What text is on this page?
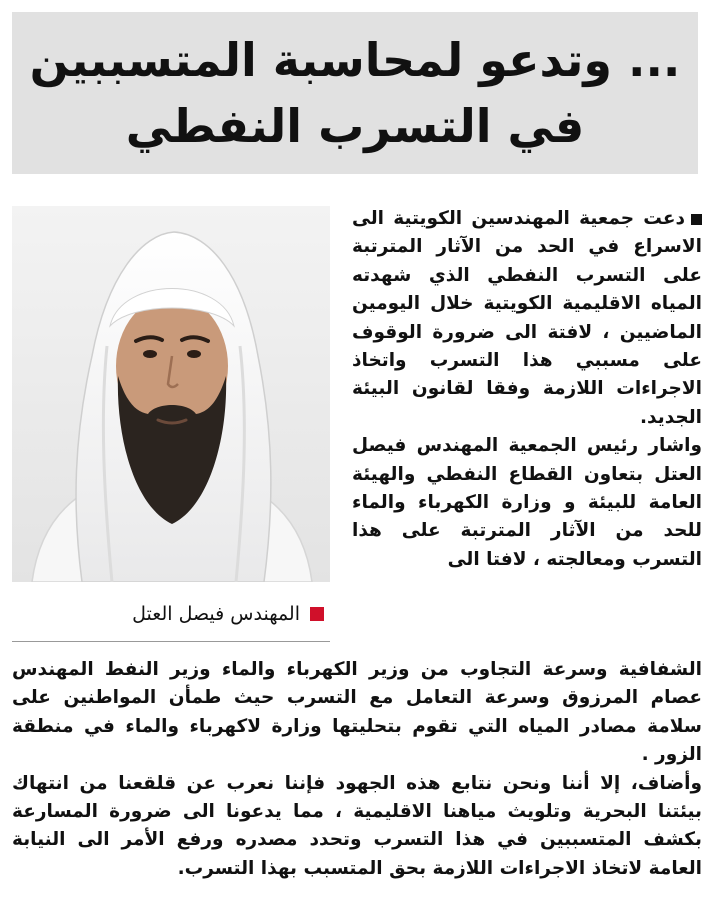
... وتدعو لمحاسبة المتسببين
في التسرب النفطي
المهندس فيصل العتل

دعت جمعية المهندسين الكويتية الى الاسراع في الحد من الآثار المترتبة على التسرب النفطي الذي شهدته المياه الاقليمية الكويتية خلال اليومين الماضيين ، لافتة الى ضرورة الوقوف على مسببي هذا التسرب واتخاذ الاجراءات اللازمة وفقا لقانون البيئة الجديد.

واشار رئيس الجمعية المهندس فيصل العتل بتعاون القطاع النفطي والهيئة العامة للبيئة و وزارة الكهرباء والماء للحد من الآثار المترتبة على هذا التسرب ومعالجته ، لافتا الى

الشفافية وسرعة التجاوب من وزير الكهرباء والماء وزير النفط المهندس عصام المرزوق وسرعة التعامل مع التسرب حيث طمأن المواطنين على سلامة مصادر المياه التي تقوم بتحليتها وزارة لاكهرباء والماء في منطقة الزور .

وأضاف، إلا أننا ونحن نتابع هذه الجهود فإننا نعرب عن قلقعنا من انتهاك بيئتنا البحرية وتلويث مياهنا الاقليمية ، مما يدعونا الى ضرورة المسارعة بكشف المتسببين في هذا التسرب وتحدد مصدره ورفع الأمر الى النيابة العامة لاتخاذ الاجراءات اللازمة بحق المتسبب بهذا التسرب.
